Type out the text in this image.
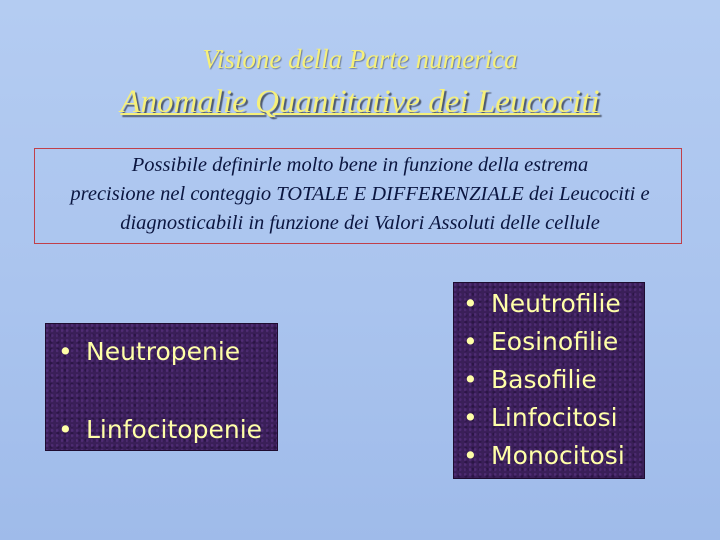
Visione della Parte numerica
Anomalie Quantitative dei Leucociti
Possibile definirle molto bene in funzione della estrema
precisione nel conteggio TOTALE E DIFFERENZIALE dei Leucociti e
diagnosticabili in funzione dei Valori Assoluti delle cellule
• Neutropenie
• Linfocitopenie
• Neutrofilie
• Eosinofilie
• Basofilie
• Linfocitosi
• Monocitosi
